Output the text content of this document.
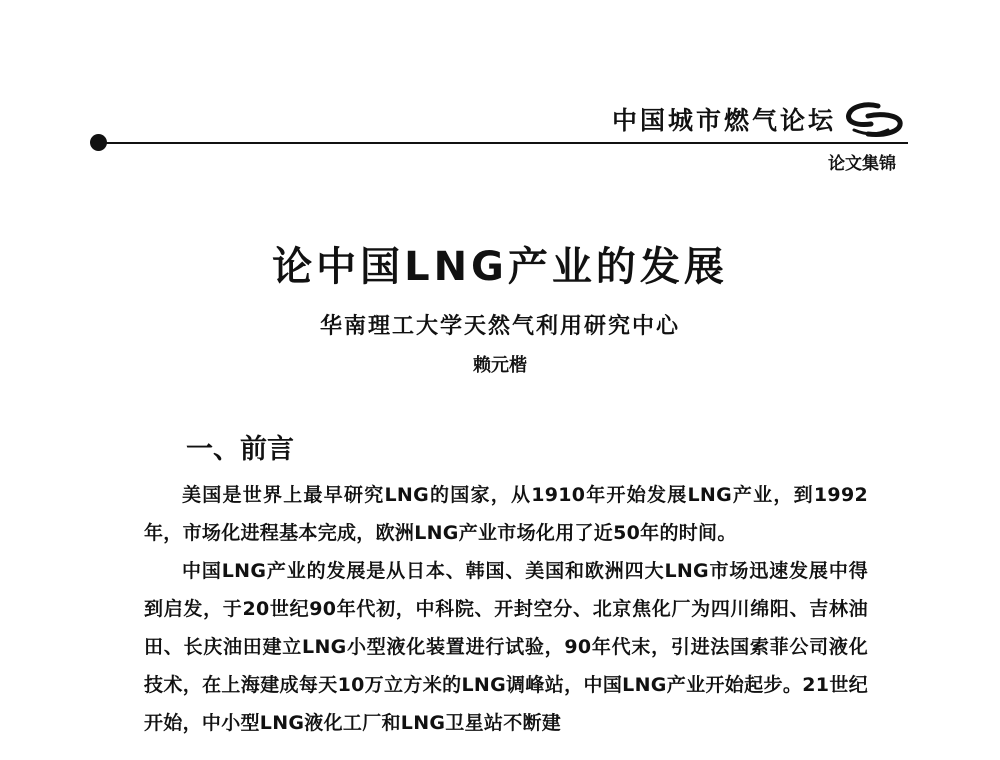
中国城市燃气论坛
论文集锦
论中国LNG产业的发展
华南理工大学天然气利用研究中心
赖元楷
一、前言

美国是世界上最早研究LNG的国家，从1910年开始发展LNG产业，到1992年，市场化进程基本完成，欧洲LNG产业市场化用了近50年的时间。

中国LNG产业的发展是从日本、韩国、美国和欧洲四大LNG市场迅速发展中得到启发，于20世纪90年代初，中科院、开封空分、北京焦化厂为四川绵阳、吉林油田、长庆油田建立LNG小型液化装置进行试验，90年代末，引进法国索菲公司液化技术，在上海建成每天10万立方米的LNG调峰站，中国LNG产业开始起步。21世纪开始，中小型LNG液化工厂和LNG卫星站不断建
